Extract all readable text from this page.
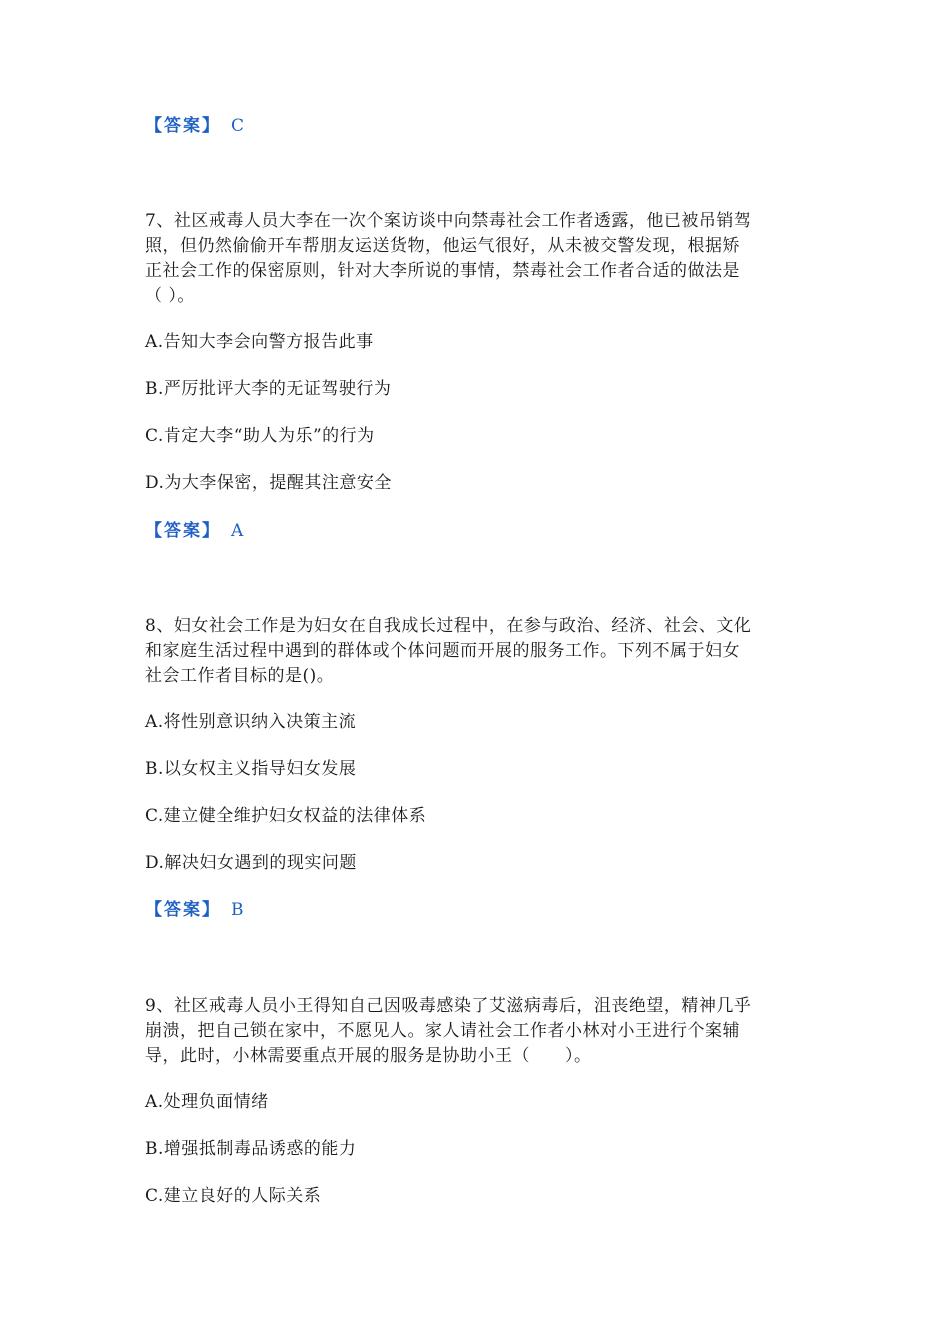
【答案】 C
7、社区戒毒人员大李在一次个案访谈中向禁毒社会工作者透露，他已被吊销驾
照，但仍然偷偷开车帮朋友运送货物，他运气很好，从未被交警发现，根据矫
正社会工作的保密原则，针对大李所说的事情，禁毒社会工作者合适的做法是
（ ）。
A.告知大李会向警方报告此事
B.严厉批评大李的无证驾驶行为
C.肯定大李“助人为乐”的行为
D.为大李保密，提醒其注意安全
【答案】 A
8、妇女社会工作是为妇女在自我成长过程中，在参与政治、经济、社会、文化
和家庭生活过程中遇到的群体或个体问题而开展的服务工作。下列不属于妇女
社会工作者目标的是()。
A.将性别意识纳入决策主流
B.以女权主义指导妇女发展
C.建立健全维护妇女权益的法律体系
D.解决妇女遇到的现实问题
【答案】 B
9、社区戒毒人员小王得知自己因吸毒感染了艾滋病毒后，沮丧绝望，精神几乎
崩溃，把自己锁在家中，不愿见人。家人请社会工作者小林对小王进行个案辅
导，此时，小林需要重点开展的服务是协助小王（　　）。
A.处理负面情绪
B.增强抵制毒品诱惑的能力
C.建立良好的人际关系
